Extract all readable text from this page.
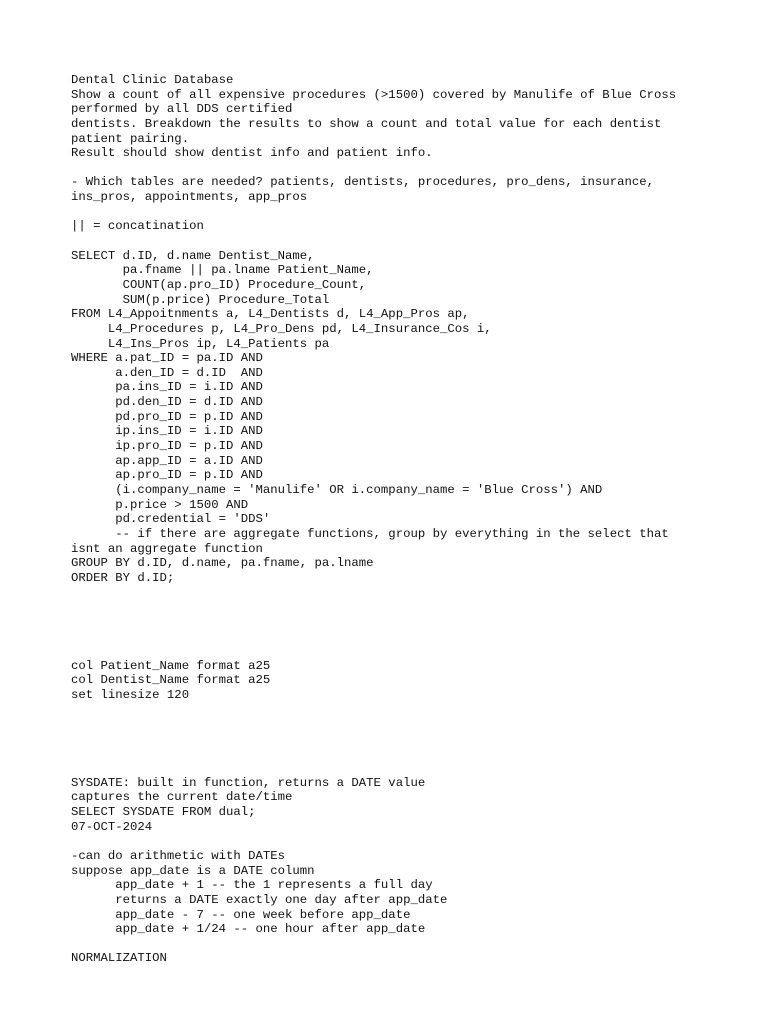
Dental Clinic Database
Show a count of all expensive procedures (>1500) covered by Manulife of Blue Cross
performed by all DDS certified
dentists. Breakdown the results to show a count and total value for each dentist
patient pairing.
Result should show dentist info and patient info.
- Which tables are needed? patients, dentists, procedures, pro_dens, insurance,
ins_pros, appointments, app_pros
|| = concatination
SELECT d.ID, d.name Dentist_Name,
pa.fname || pa.lname Patient_Name,
COUNT(ap.pro_ID) Procedure_Count,
SUM(p.price) Procedure_Total
FROM L4_Appoitnments a, L4_Dentists d, L4_App_Pros ap,
L4_Procedures p, L4_Pro_Dens pd, L4_Insurance_Cos i,
L4_Ins_Pros ip, L4_Patients pa
WHERE a.pat_ID = pa.ID AND
a.den_ID = d.ID  AND
pa.ins_ID = i.ID AND
pd.den_ID = d.ID AND
pd.pro_ID = p.ID AND
ip.ins_ID = i.ID AND
ip.pro_ID = p.ID AND
ap.app_ID = a.ID AND
ap.pro_ID = p.ID AND
(i.company_name = 'Manulife' OR i.company_name = 'Blue Cross') AND
p.price > 1500 AND
pd.credential = 'DDS'
-- if there are aggregate functions, group by everything in the select that
isnt an aggregate function
GROUP BY d.ID, d.name, pa.fname, pa.lname
ORDER BY d.ID;
col Patient_Name format a25
col Dentist_Name format a25
set linesize 120
SYSDATE: built in function, returns a DATE value
captures the current date/time
SELECT SYSDATE FROM dual;
07-OCT-2024
-can do arithmetic with DATEs
suppose app_date is a DATE column
app_date + 1 -- the 1 represents a full day
returns a DATE exactly one day after app_date
app_date - 7 -- one week before app_date
app_date + 1/24 -- one hour after app_date
NORMALIZATION
